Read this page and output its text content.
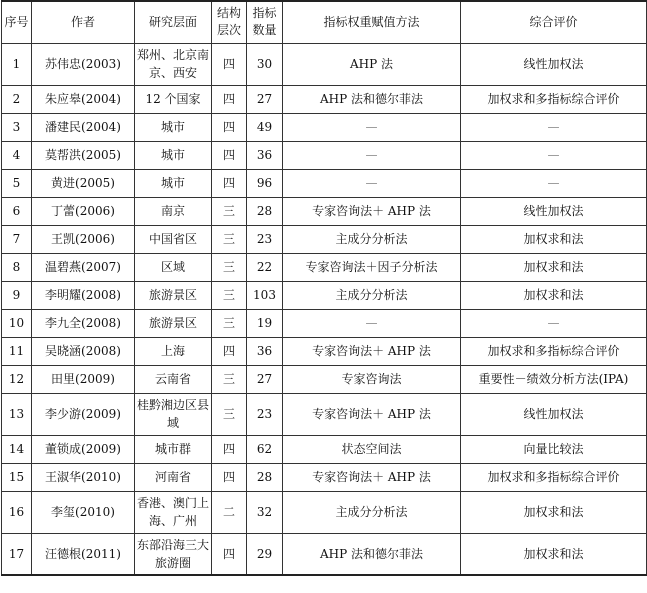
序号	作者	研究层面	结构层次	指标数量	指标权重赋值方法	综合评价
1	苏伟忠(2003)	郑州、北京南京、西安	四	30	AHP 法	线性加权法
2	朱应皋(2004)	12 个国家	四	27	AHP 法和德尔菲法	加权求和多指标综合评价
3	潘建民(2004)	城市	四	49	—	—
4	莫帮洪(2005)	城市	四	36	—	—
5	黄进(2005)	城市	四	96	—	—
6	丁蕾(2006)	南京	三	28	专家咨询法＋ AHP 法	线性加权法
7	王凯(2006)	中国省区	三	23	主成分分析法	加权求和法
8	温碧燕(2007)	区域	三	22	专家咨询法＋因子分析法	加权求和法
9	李明耀(2008)	旅游景区	三	103	主成分分析法	加权求和法
10	李九全(2008)	旅游景区	三	19	—	—
11	吴晓涵(2008)	上海	四	36	专家咨询法＋ AHP 法	加权求和多指标综合评价
12	田里(2009)	云南省	三	27	专家咨询法	重要性－绩效分析方法(IPA)
13	李少游(2009)	桂黔湘边区县域	三	23	专家咨询法＋ AHP 法	线性加权法
14	董锁成(2009)	城市群	四	62	状态空间法	向量比较法
15	王淑华(2010)	河南省	四	28	专家咨询法＋ AHP 法	加权求和多指标综合评价
16	李玺(2010)	香港、澳门上海、广州	二	32	主成分分析法	加权求和法
17	汪德根(2011)	东部沿海三大旅游圈	四	29	AHP 法和德尔菲法	加权求和法
